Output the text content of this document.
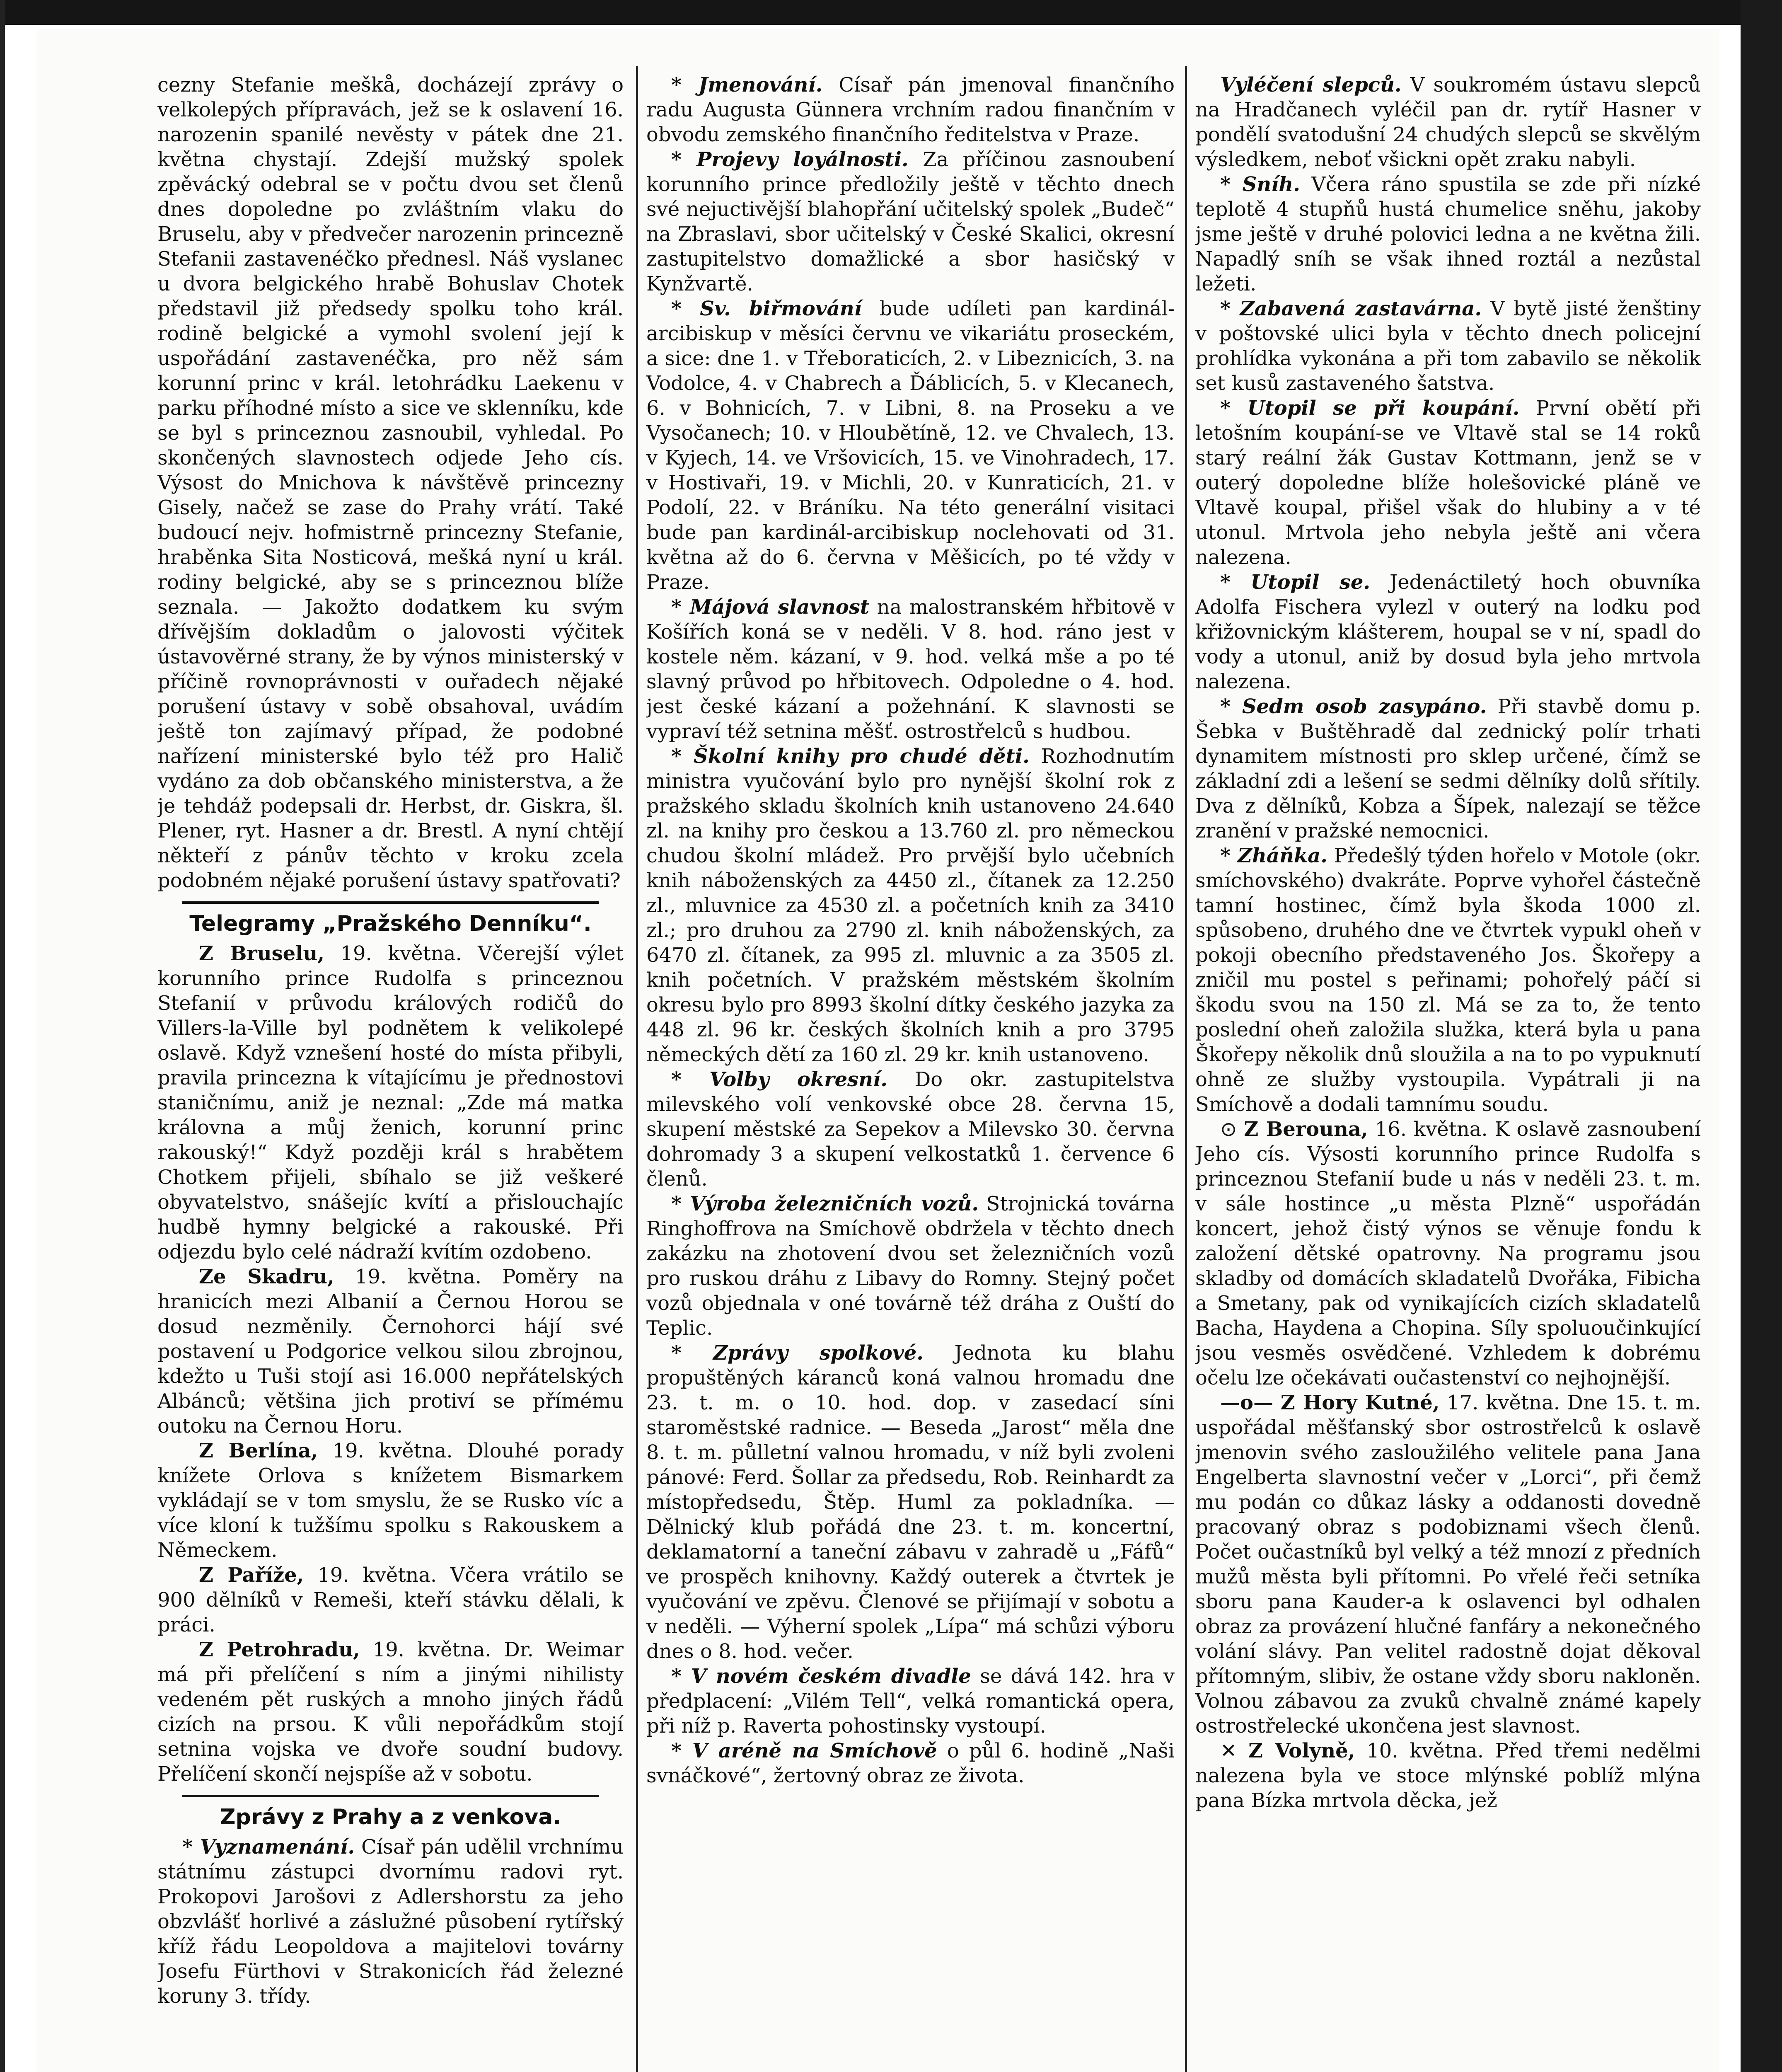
cezny Stefanie meškå, docházejí zprávy o velkolepých přípravách, jež se k oslavení 16. narozenin spanilé nevěsty v pátek dne 21. května chystají. Zdejší mužský spolek zpěvácký odebral se v počtu dvou set členů dnes dopoledne po zvláštním vlaku do Bruselu, aby v předvečer narozenin princezně Stefanii zastavenéčko přednesl. Náš vyslanec u dvora belgického hrabě Bohuslav Chotek představil již předsedy spolku toho král. rodině belgické a vymohl svolení její k uspořádání zastavenéčka, pro něž sám korunní princ v král. letohrádku Laekenu v parku příhodné místo a sice ve sklenníku, kde se byl s princeznou zasnoubil, vyhledal. Po skončených slavnostech odjede Jeho cís. Výsost do Mnichova k návštěvě princezny Gisely, načež se zase do Prahy vrátí. Také budoucí nejv. hofmistrně princezny Stefanie, hraběnka Sita Nosticová, mešká nyní u král. rodiny belgické, aby se s princeznou blíže seznala. — Jakožto dodatkem ku svým dřívějším dokladům o jalovosti výčitek ústavověrné strany, že by výnos ministerský v příčině rovnoprávnosti v ouřadech nějaké porušení ústavy v sobě obsahoval, uvádím ještě ton zajímavý případ, že podobné nařízení ministerské bylo též pro Halič vydáno za dob občanského ministerstva, a že je tehdáž podepsali dr. Herbst, dr. Giskra, šl. Plener, ryt. Hasner a dr. Brestl. A nyní chtějí někteří z pánův těchto v kroku zcela podobném nějaké porušení ústavy spatřovati?

Telegramy „Pražského Denníku“.

Z Bruselu, 19. května. Včerejší výlet korunního prince Rudolfa s princeznou Stefanií v průvodu králových rodičů do Villers-la-Ville byl podnětem k velikolepé oslavě. Když vznešení hosté do místa přibyli, pravila princezna k vítajícímu je přednostovi staničnímu, aniž je neznal: „Zde má matka královna a můj ženich, korunní princ rakouský!“ Když později král s hrabětem Chotkem přijeli, sbíhalo se již veškeré obyvatelstvo, snášejíc kvítí a přislouchajíc hudbě hymny belgické a rakouské. Při odjezdu bylo celé nádraží kvítím ozdobeno.

Ze Skadru, 19. května. Poměry na hranicích mezi Albanií a Černou Horou se dosud nezměnily. Černohorci hájí své postavení u Podgorice velkou silou zbrojnou, kdežto u Tuši stojí asi 16.000 nepřátelských Albánců; většina jich protiví se přímému outoku na Černou Horu.

Z Berlína, 19. května. Dlouhé porady knížete Orlova s knížetem Bismarkem vykládají se v tom smyslu, že se Rusko víc a více kloní k tužšímu spolku s Rakouskem a Německem.

Z Paříže, 19. května. Včera vrátilo se 900 dělníků v Remeši, kteří stávku dělali, k práci.

Z Petrohradu, 19. května. Dr. Weimar má při přelíčení s ním a jinými nihilisty vedeném pět ruských a mnoho jiných řádů cizích na prsou. K vůli nepořádkům stojí setnina vojska ve dvoře soudní budovy. Přelíčení skončí nejspíše až v sobotu.

Zprávy z Prahy a z venkova.

* Vyznamenání. Císař pán udělil vrchnímu státnímu zástupci dvornímu radovi ryt. Prokopovi Jarošovi z Adlershorstu za jeho obzvlášť horlivé a záslužné působení rytířský kříž řádu Leopoldova a majitelovi továrny Josefu Fürthovi v Strakonicích řád železné koruny 3. třídy.

* Jmenování. Císař pán jmenoval finančního radu Augusta Günnera vrchním radou finančním v obvodu zemského finančního ředitelstva v Praze.

* Projevy loyálnosti. Za příčinou zasnoubení korunního prince předložily ještě v těchto dnech své nejuctivější blahopřání učitelský spolek „Budeč“ na Zbraslavi, sbor učitelský v České Skalici, okresní zastupitelstvo domažlické a sbor hasičský v Kynžvartě.

* Sv. biřmování bude udíleti pan kardinál-arcibiskup v měsíci červnu ve vikariátu proseckém, a sice: dne 1. v Třeboraticích, 2. v Libeznicích, 3. na Vodolce, 4. v Chabrech a Ďáblicích, 5. v Klecanech, 6. v Bohnicích, 7. v Libni, 8. na Proseku a ve Vysočanech; 10. v Hloubětíně, 12. ve Chvalech, 13. v Kyjech, 14. ve Vršovicích, 15. ve Vinohradech, 17. v Hostivaři, 19. v Michli, 20. v Kunraticích, 21. v Podolí, 22. v Bráníku. Na této generální visitaci bude pan kardinál-arcibiskup noclehovati od 31. května až do 6. června v Měšicích, po té vždy v Praze.

* Májová slavnost na malostranském hřbitově v Košířích koná se v neděli. V 8. hod. ráno jest v kostele něm. kázaní, v 9. hod. velká mše a po té slavný průvod po hřbitovech. Odpoledne o 4. hod. jest české kázaní a požehnání. K slavnosti se vypraví též setnina měšť. ostrostřelců s hudbou.

* Školní knihy pro chudé děti. Rozhodnutím ministra vyučování bylo pro nynější školní rok z pražského skladu školních knih ustanoveno 24.640 zl. na knihy pro českou a 13.760 zl. pro německou chudou školní mládež. Pro prvější bylo učebních knih náboženských za 4450 zl., čítanek za 12.250 zl., mluvnice za 4530 zl. a početních knih za 3410 zl.; pro druhou za 2790 zl. knih náboženských, za 6470 zl. čítanek, za 995 zl. mluvnic a za 3505 zl. knih početních. V pražském městském školním okresu bylo pro 8993 školní dítky českého jazyka za 448 zl. 96 kr. českých školních knih a pro 3795 německých dětí za 160 zl. 29 kr. knih ustanoveno.

* Volby okresní. Do okr. zastupitelstva milevského volí venkovské obce 28. června 15, skupení městské za Sepekov a Milevsko 30. června dohromady 3 a skupení velkostatků 1. července 6 členů.

* Výroba železničních vozů. Strojnická továrna Ringhoffrova na Smíchově obdržela v těchto dnech zakázku na zhotovení dvou set železničních vozů pro ruskou dráhu z Libavy do Romny. Stejný počet vozů objednala v oné továrně též dráha z Ouští do Teplic.

* Zprávy spolkové. Jednota ku blahu propuštěných káranců koná valnou hromadu dne 23. t. m. o 10. hod. dop. v zasedací síni staroměstské radnice. — Beseda „Jarost“ měla dne 8. t. m. půlletní valnou hromadu, v níž byli zvoleni pánové: Ferd. Šollar za předsedu, Rob. Reinhardt za místopředsedu, Štěp. Huml za pokladníka. — Dělnický klub pořádá dne 23. t. m. koncertní, deklamatorní a taneční zábavu v zahradě u „Fáfů“ ve prospěch knihovny. Každý outerek a čtvrtek je vyučování ve zpěvu. Členové se přijímají v sobotu a v neděli. — Výherní spolek „Lípa“ má schůzi výboru dnes o 8. hod. večer.

* V novém českém divadle se dává 142. hra v předplacení: „Vilém Tell“, velká romantická opera, při níž p. Raverta pohostinsky vystoupí.

* V aréně na Smíchově o půl 6. hodině „Naši svnáčkové“, žertovný obraz ze života.

Vyléčení slepců. V soukromém ústavu slepců na Hradčanech vyléčil pan dr. rytíř Hasner v pondělí svatodušní 24 chudých slepců se skvělým výsledkem, neboť všickni opět zraku nabyli.

* Sníh. Včera ráno spustila se zde při nízké teplotě 4 stupňů hustá chumelice sněhu, jakoby jsme ještě v druhé polovici ledna a ne května žili. Napadlý sníh se však ihned roztál a nezůstal ležeti.

* Zabavená zastavárna. V bytě jisté ženštiny v poštovské ulici byla v těchto dnech policejní prohlídka vykonána a při tom zabavilo se několik set kusů zastaveného šatstva.

* Utopil se při koupání. První obětí při letošním koupání-se ve Vltavě stal se 14 roků starý reální žák Gustav Kottmann, jenž se v outerý dopoledne blíže holešovické pláně ve Vltavě koupal, přišel však do hlubiny a v té utonul. Mrtvola jeho nebyla ještě ani včera nalezena.

* Utopil se. Jedenáctiletý hoch obuvníka Adolfa Fischera vylezl v outerý na lodku pod křižovnickým klášterem, houpal se v ní, spadl do vody a utonul, aniž by dosud byla jeho mrtvola nalezena.

* Sedm osob zasypáno. Při stavbě domu p. Šebka v Buštěhradě dal zednický polír trhati dynamitem místnosti pro sklep určené, čímž se základní zdi a lešení se sedmi dělníky dolů sřítily. Dva z dělníků, Kobza a Šípek, nalezají se těžce zranění v pražské nemocnici.

* Zháňka. Předešlý týden hořelo v Motole (okr. smíchovského) dvakráte. Poprve vyhořel částečně tamní hostinec, čímž byla škoda 1000 zl. spůsobeno, druhého dne ve čtvrtek vypukl oheň v pokoji obecního představeného Jos. Škořepy a zničil mu postel s peřinami; pohořelý páčí si škodu svou na 150 zl. Má se za to, že tento poslední oheň založila služka, která byla u pana Škořepy několik dnů sloužila a na to po vypuknutí ohně ze služby vystoupila. Vypátrali ji na Smíchově a dodali tamnímu soudu.

⊙ Z Berouna, 16. května. K oslavě zasnoubení Jeho cís. Výsosti korunního prince Rudolfa s princeznou Stefanií bude u nás v neděli 23. t. m. v sále hostince „u města Plzně“ uspořádán koncert, jehož čistý výnos se věnuje fondu k založení dětské opatrovny. Na programu jsou skladby od domácích skladatelů Dvořáka, Fibicha a Smetany, pak od vynikajících cizích skladatelů Bacha, Haydena a Chopina. Síly spoluoučinkující jsou vesměs osvědčené. Vzhledem k dobrému očelu lze očekávati oučastenství co nejhojnější.

—o— Z Hory Kutné, 17. května. Dne 15. t. m. uspořádal měšťanský sbor ostrostřelců k oslavě jmenovin svého zasloužilého velitele pana Jana Engelberta slavnostní večer v „Lorci“, při čemž mu podán co důkaz lásky a oddanosti dovedně pracovaný obraz s podobiznami všech členů. Počet oučastníků byl velký a též mnozí z předních mužů města byli přítomni. Po vřelé řeči setníka sboru pana Kauder-a k oslavenci byl odhalen obraz za provázení hlučné fanfáry a nekonečného volání slávy. Pan velitel radostně dojat děkoval přítomným, slibiv, že ostane vždy sboru nakloněn. Volnou zábavou za zvuků chvalně známé kapely ostrostřelecké ukončena jest slavnost.

✕ Z Volyně, 10. května. Před třemi nedělmi nalezena byla ve stoce mlýnské poblíž mlýna pana Bízka mrtvola děcka, jež
